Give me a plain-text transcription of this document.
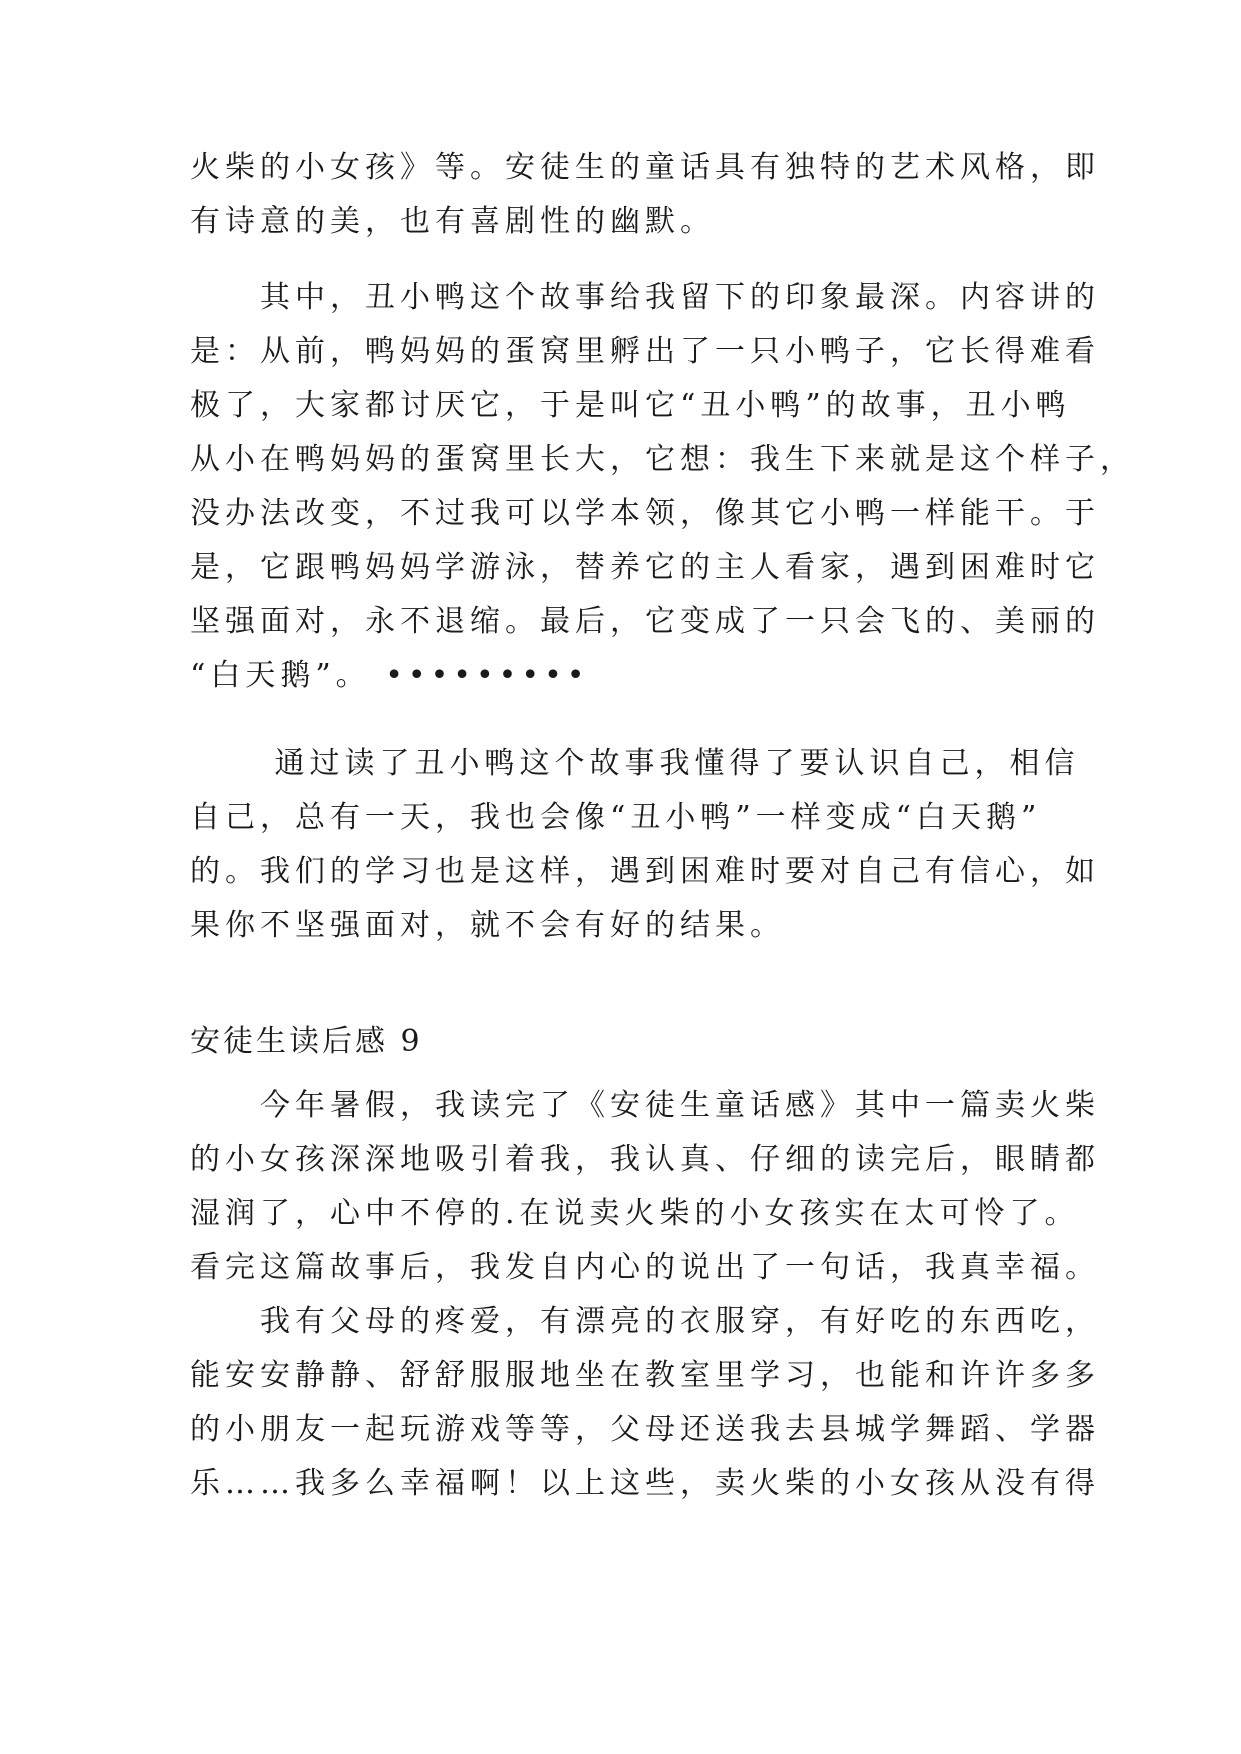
火柴的小女孩》等。安徒生的童话具有独特的艺术风格，即
有诗意的美，也有喜剧性的幽默。
　　其中，丑小鸭这个故事给我留下的印象最深。内容讲的
是：从前，鸭妈妈的蛋窝里孵出了一只小鸭子，它长得难看
极了，大家都讨厌它，于是叫它“丑小鸭”的故事，丑小鸭
从小在鸭妈妈的蛋窝里长大，它想：我生下来就是这个样子，
没办法改变，不过我可以学本领，像其它小鸭一样能干。于
是，它跟鸭妈妈学游泳，替养它的主人看家，遇到困难时它
坚强面对，永不退缩。最后，它变成了一只会飞的、美丽的
“白天鹅”。 •••••••••
　　 通过读了丑小鸭这个故事我懂得了要认识自己，相信
自己，总有一天，我也会像“丑小鸭”一样变成“白天鹅”
的。我们的学习也是这样，遇到困难时要对自己有信心，如
果你不坚强面对，就不会有好的结果。
安徒生读后感 9
　　今年暑假，我读完了《安徒生童话感》其中一篇卖火柴
的小女孩深深地吸引着我，我认真、仔细的读完后，眼睛都
湿润了，心中不停的.在说卖火柴的小女孩实在太可怜了。
看完这篇故事后，我发自内心的说出了一句话，我真幸福。
　　我有父母的疼爱，有漂亮的衣服穿，有好吃的东西吃，
能安安静静、舒舒服服地坐在教室里学习，也能和许许多多
的小朋友一起玩游戏等等，父母还送我去县城学舞蹈、学器
乐……我多么幸福啊！以上这些，卖火柴的小女孩从没有得
